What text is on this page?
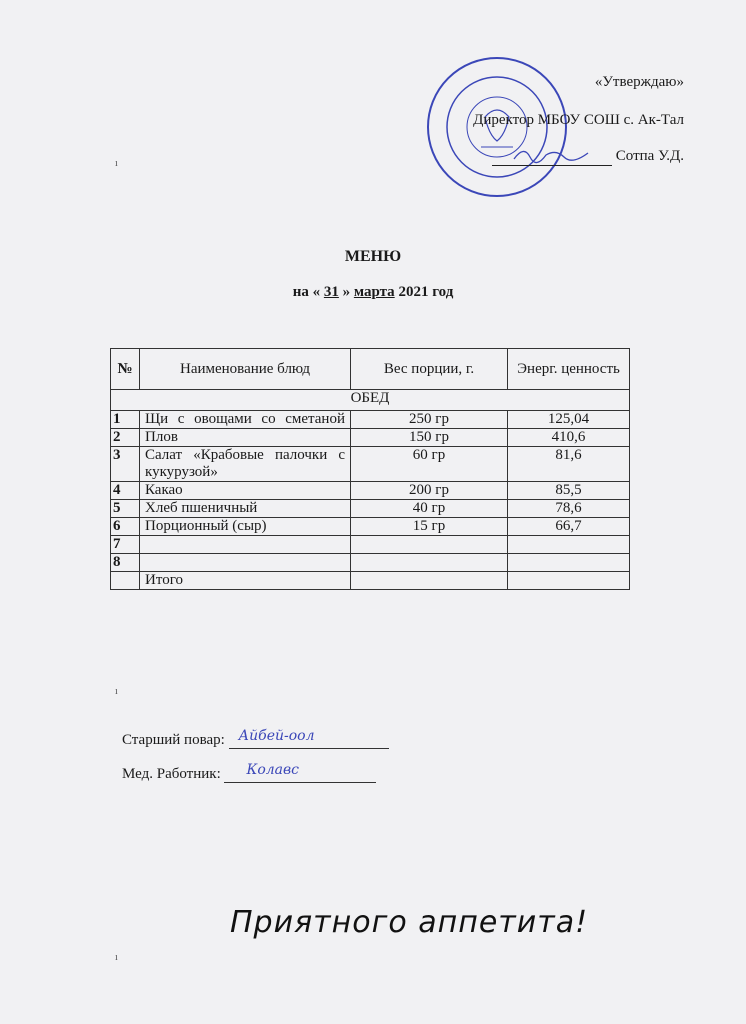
«Утверждаю»
Директор МБОУ СОШ с. Ак-Тал
Сотпа У.Д.
МЕНЮ
на « 31 » марта 2021 год
№	Наименование блюд	Вес порции, г.	Энерг. ценность
ОБЕД			
1	Щи с овощами со сметаной	250 гр	125,04
2	Плов	150 гр	410,6
3	Салат «Крабовые палочки с кукурузой»	60 гр	81,6
4	Какао	200 гр	85,5
5	Хлеб пшеничный	40 гр	78,6
6	Порционный (сыр)	15 гр	66,7
7			
8			
	Итого		
Старший повар: Айбей-оол
Мед. Работник: Колавс
Приятного аппетита!
ı
ı
ı
